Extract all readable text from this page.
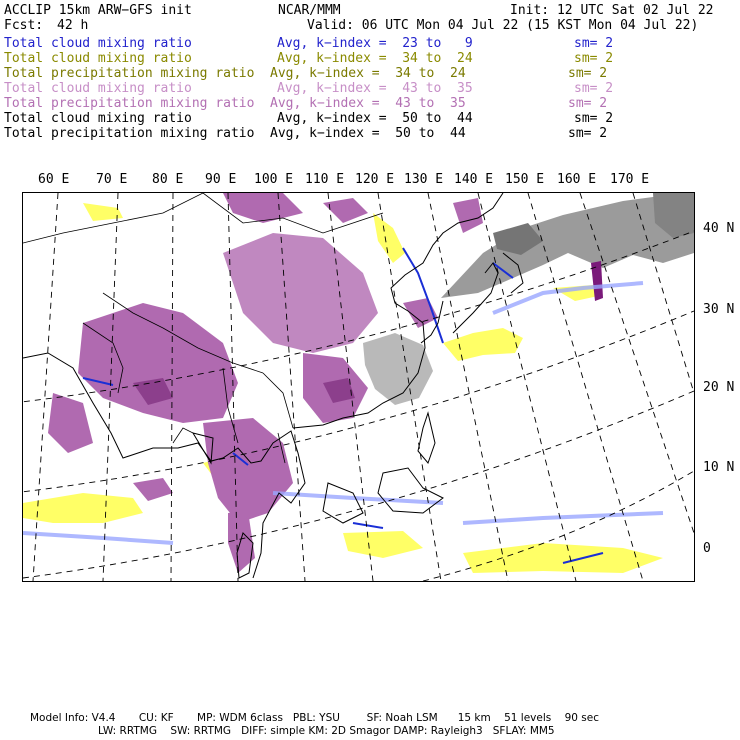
ACCLIP 15km ARW−GFS init	NCAR/MMM	Init: 12 UTC Sat 02 Jul 22
Fcst: 42 h	Valid: 06 UTC Mon 04 Jul 22 (15 KST Mon 04 Jul 22)
Total cloud mixing ratio	Avg, k−index =  23 to   9	sm= 2
Total cloud mixing ratio	Avg, k−index =  34 to  24	sm= 2
Total precipitation mixing ratio Avg, k−index =  34 to  24	sm= 2
Total cloud mixing ratio	Avg, k−index =  43 to  35	sm= 2
Total precipitation mixing ratio Avg, k−index =  43 to  35	sm= 2
Total cloud mixing ratio	Avg, k−index =  50 to  44	sm= 2
Total precipitation mixing ratio Avg, k−index =  50 to  44	sm= 2
60 E 70 E 80 E 90 E 100 E 110 E 120 E 130 E 140 E 150 E 160 E 170 E
40 N
30 N
20 N
10 N
0
Model Info: V4.4       CU: KF       MP: WDM 6class   PBL: YSU        SF: Noah LSM      15 km    51 levels    90 sec
LW: RRTMG    SW: RRTMG   DIFF: simple KM: 2D Smagor DAMP: Rayleigh3   SFLAY: MM5
